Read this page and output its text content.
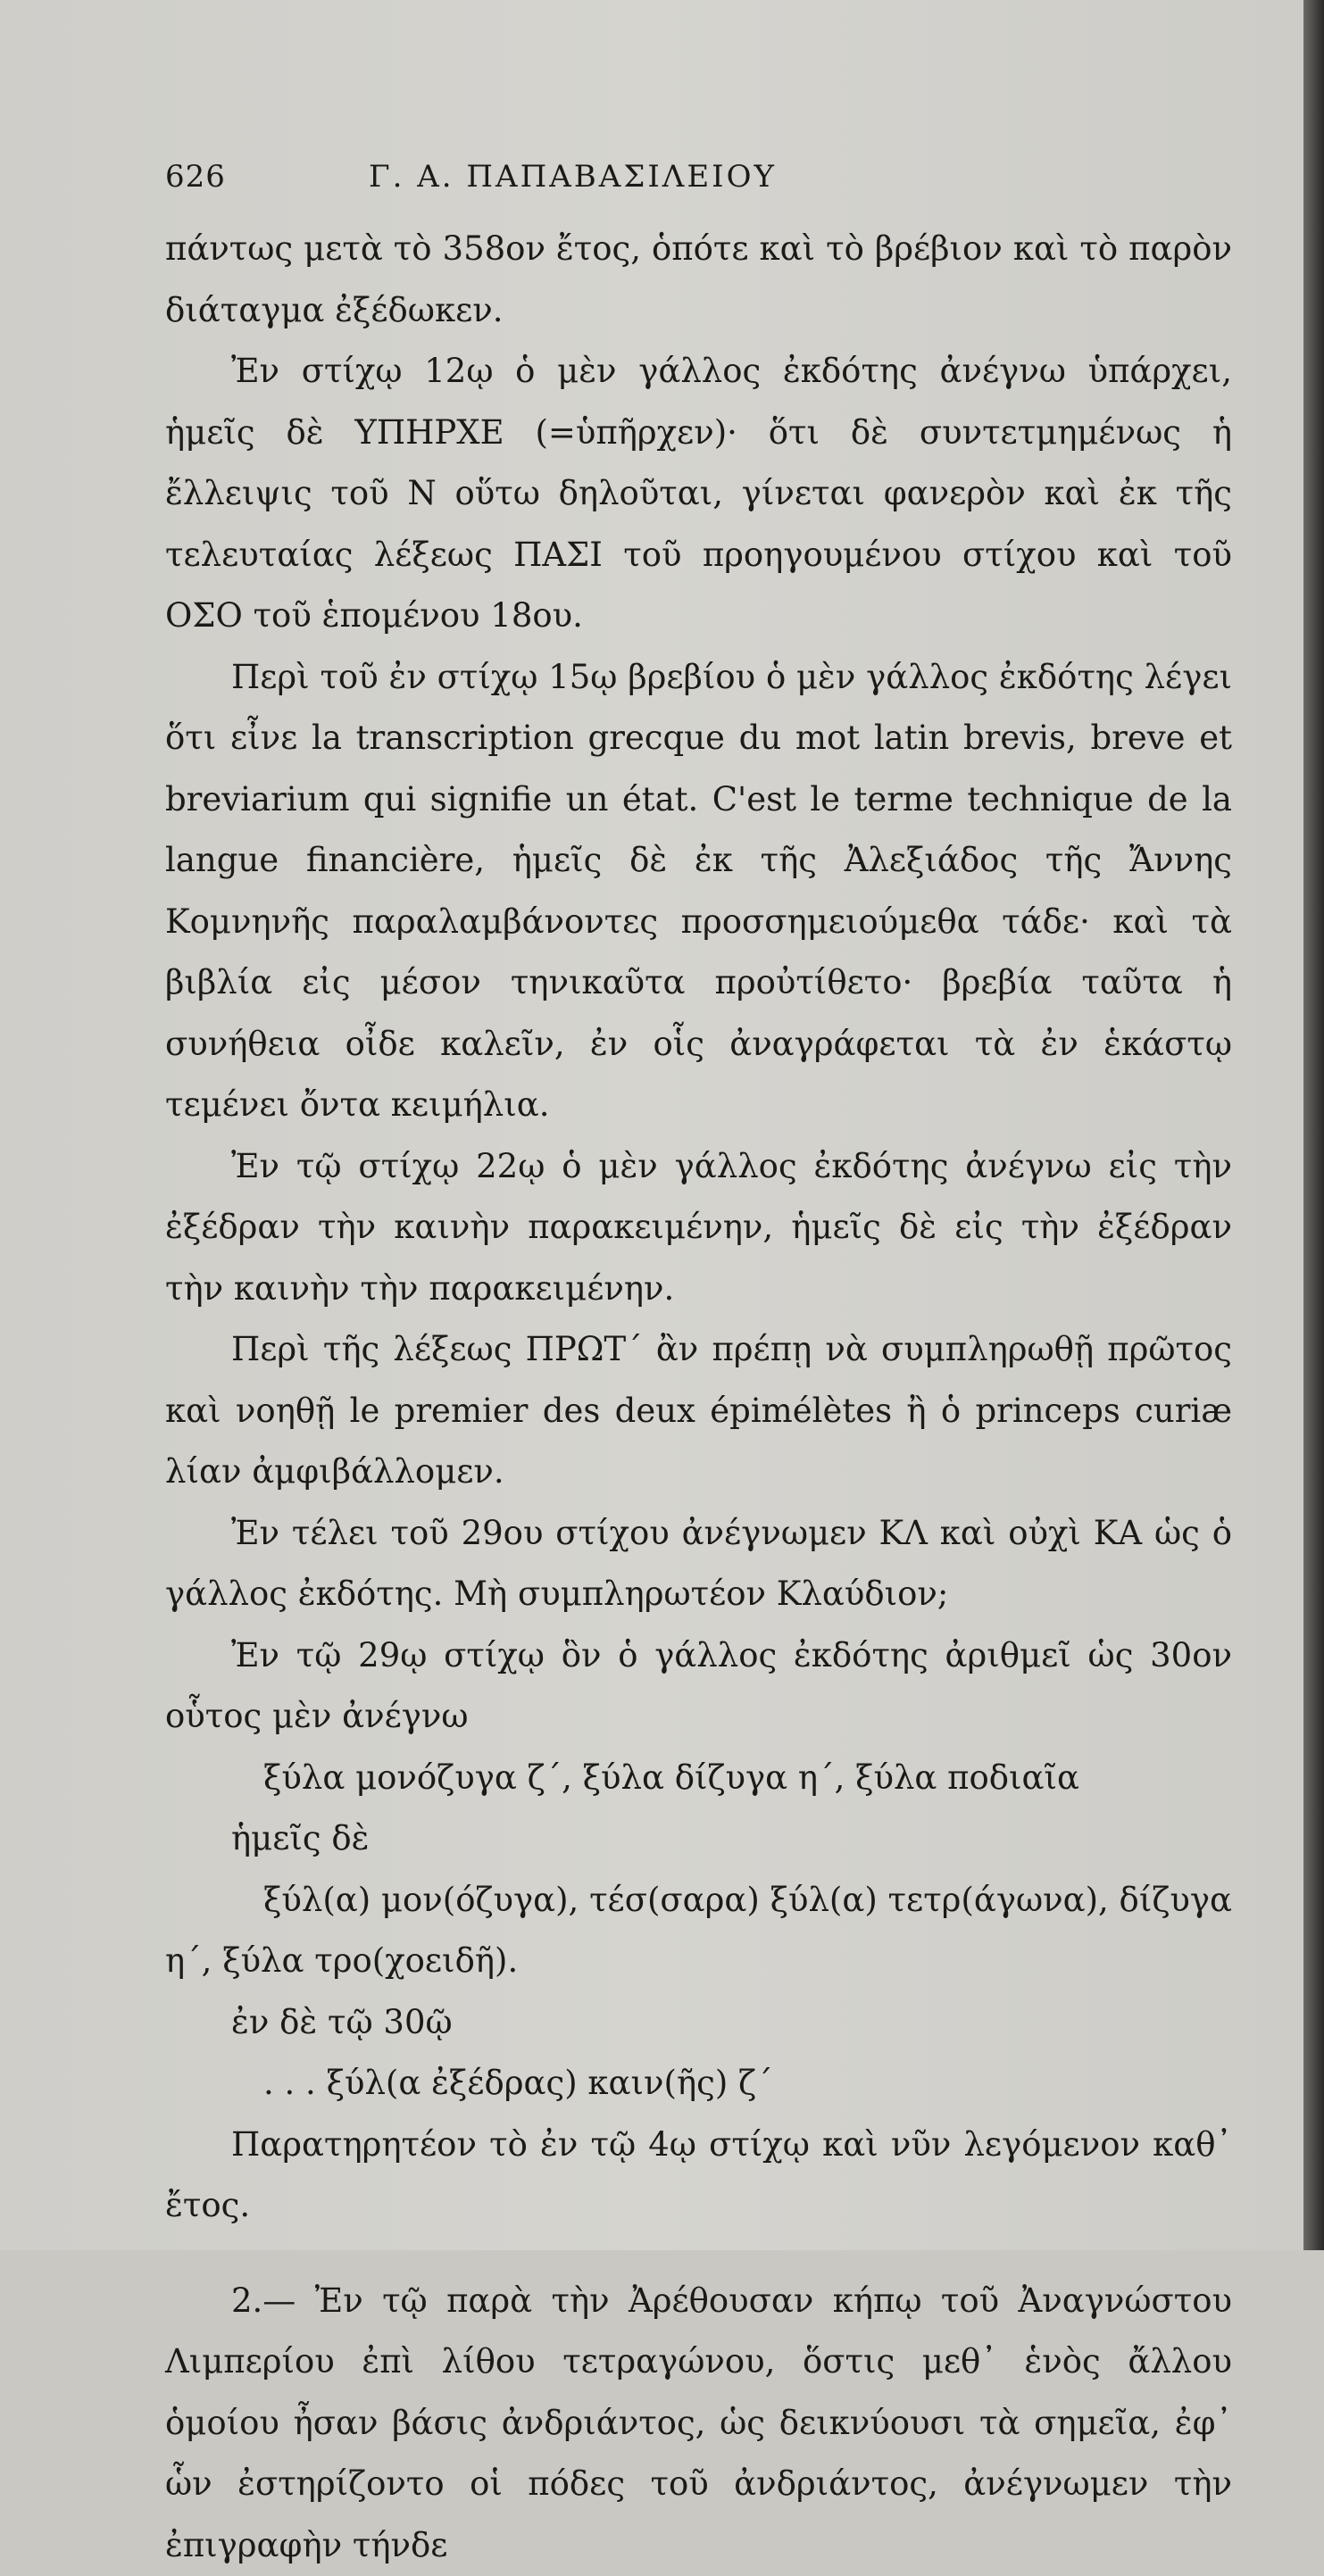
626	Γ. Α. ΠΑΠΑΒΑΣΙΛΕΙΟΥ

πάντως μετὰ τὸ 358ον ἔτος, ὁπότε καὶ τὸ βρέβιον καὶ τὸ παρὸν διάταγμα ἐξέδωκεν.

Ἐν στίχῳ 12ῳ ὁ μὲν γάλλος ἐκδότης ἀνέγνω ὑπάρχει, ἡμεῖς δὲ ΥΠΗΡΧΕ (=ὑπῆρχεν)· ὅτι δὲ συντετμημένως ἡ ἔλλειψις τοῦ Ν οὕτω δηλοῦται, γίνεται φανερὸν καὶ ἐκ τῆς τελευταίας λέξεως ΠΑΣΙ τοῦ προηγουμένου στίχου καὶ τοῦ ΟΣΟ τοῦ ἑπομένου 18ου.

Περὶ τοῦ ἐν στίχῳ 15ῳ βρεβίου ὁ μὲν γάλλος ἐκδότης λέγει ὅτι εἶνε la transcription grecque du mot latin brevis, breve et breviarium qui signifie un état. C'est le terme technique de la langue financière, ἡμεῖς δὲ ἐκ τῆς Ἀλεξιάδος τῆς Ἄννης Κομνηνῆς παραλαμβάνοντες προσσημειούμεθα τάδε· καὶ τὰ βιβλία εἰς μέσον τηνικαῦτα προὐτίθετο· βρεβία ταῦτα ἡ συνήθεια οἶδε καλεῖν, ἐν οἷς ἀναγράφεται τὰ ἐν ἑκάστῳ τεμένει ὄντα κειμήλια.

Ἐν τῷ στίχῳ 22ῳ ὁ μὲν γάλλος ἐκδότης ἀνέγνω εἰς τὴν ἐξέδραν τὴν καινὴν παρακειμένην, ἡμεῖς δὲ εἰς τὴν ἐξέδραν τὴν καινὴν τὴν παρακειμένην.

Περὶ τῆς λέξεως ΠΡΩΤ´ ἂν πρέπῃ νὰ συμπληρωθῇ πρῶτος καὶ νοηθῇ le premier des deux épimélètes ἢ ὁ princeps curiæ λίαν ἀμφιβάλλομεν.

Ἐν τέλει τοῦ 29ου στίχου ἀνέγνωμεν ΚΛ καὶ οὐχὶ ΚΑ ὡς ὁ γάλλος ἐκδότης. Μὴ συμπληρωτέον Κλαύδιον;

Ἐν τῷ 29ῳ στίχῳ ὃν ὁ γάλλος ἐκδότης ἀριθμεῖ ὡς 30ον οὗτος μὲν ἀνέγνω

ξύλα μονόζυγα ζ´, ξύλα δίζυγα η´, ξύλα ποδιαῖα

ἡμεῖς δὲ

ξύλ(α) μον(όζυγα), τέσ(σαρα) ξύλ(α) τετρ(άγωνα), δίζυγα η´, ξύλα τρο(χοειδῆ).

ἐν δὲ τῷ 30ῷ

. . . ξύλ(α ἐξέδρας) καιν(ῆς) ζ´

Παρατηρητέον τὸ ἐν τῷ 4ῳ στίχῳ καὶ νῦν λεγόμενον καθ᾽ ἔτος.

2.— Ἐν τῷ παρὰ τὴν Ἀρέθουσαν κήπῳ τοῦ Ἀναγνώστου Λιμπερίου ἐπὶ λίθου τετραγώνου, ὅστις μεθ᾽ ἑνὸς ἄλλου ὁμοίου ἦσαν βάσις ἀνδριάντος, ὡς δεικνύουσι τὰ σημεῖα, ἐφ᾽ ὧν ἐστηρίζοντο οἱ πόδες τοῦ ἀνδριάντος, ἀνέγνωμεν τὴν ἐπιγραφὴν τήνδε
